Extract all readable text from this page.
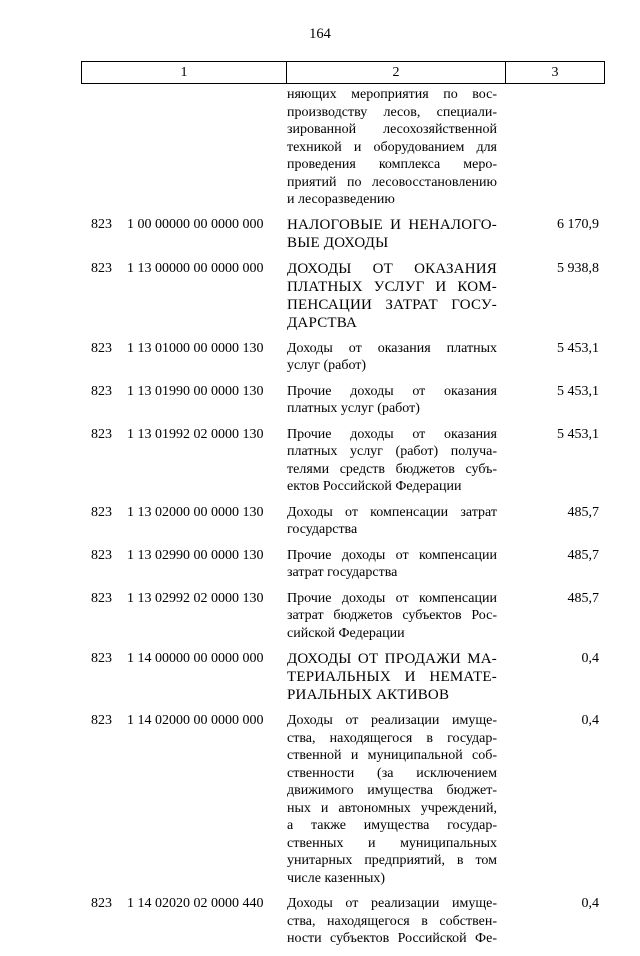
164
1	2	3
няющих мероприятия по вос-
производству лесов, специали-
зированной лесохозяйственной
техникой и оборудованием для
проведения комплекса меро-
приятий по лесовосстановлению
и лесоразведению
823 1 00 00000 00 0000 000	НАЛОГОВЫЕ И НЕНАЛОГО-
ВЫЕ ДОХОДЫ
6 170,9
823 1 13 00000 00 0000 000	ДОХОДЫ ОТ ОКАЗАНИЯ
ПЛАТНЫХ УСЛУГ И КОМ-
ПЕНСАЦИИ ЗАТРАТ ГОСУ-
ДАРСТВА
5 938,8
823 1 13 01000 00 0000 130	Доходы от оказания платных
услуг (работ)
5 453,1
823 1 13 01990 00 0000 130	Прочие доходы от оказания
платных услуг (работ)
5 453,1
823 1 13 01992 02 0000 130	Прочие доходы от оказания
платных услуг (работ) получа-
телями средств бюджетов субъ-
ектов Российской Федерации
5 453,1
823 1 13 02000 00 0000 130	Доходы от компенсации затрат
государства
485,7
823 1 13 02990 00 0000 130	Прочие доходы от компенсации
затрат государства
485,7
823 1 13 02992 02 0000 130	Прочие доходы от компенсации
затрат бюджетов субъектов Рос-
сийской Федерации
485,7
823 1 14 00000 00 0000 000	ДОХОДЫ ОТ ПРОДАЖИ МА-
ТЕРИАЛЬНЫХ И НЕМАТЕ-
РИАЛЬНЫХ АКТИВОВ
0,4
823 1 14 02000 00 0000 000	Доходы от реализации имуще-
ства, находящегося в государ-
ственной и муниципальной соб-
ственности (за исключением
движимого имущества бюджет-
ных и автономных учреждений,
а также имущества государ-
ственных и муниципальных
унитарных предприятий, в том
числе казенных)
0,4
823 1 14 02020 02 0000 440	Доходы от реализации имуще-
ства, находящегося в собствен-
ности субъектов Российской Фе-
0,4
